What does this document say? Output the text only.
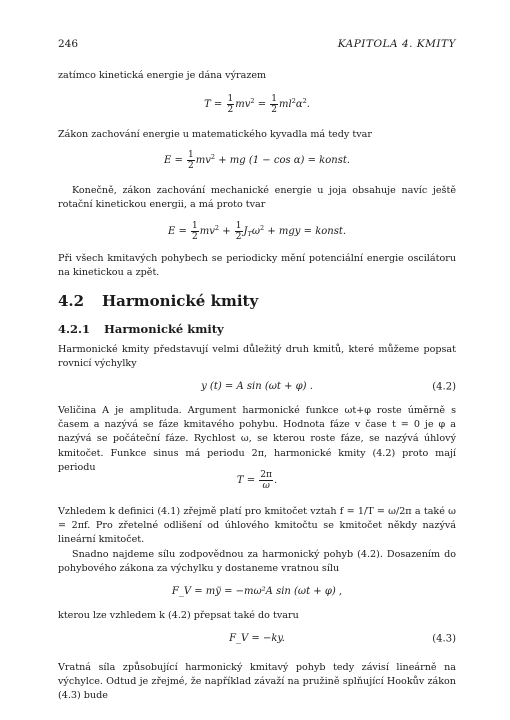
246	KAPITOLA 4. KMITY

zatímco kinetická energie je dána výrazem

$T = \frac{1}{2} mv^2 = \frac{1}{2} ml^2\alpha^2$.

Zákon zachování energie u matematického kyvadla má tedy tvar

$E = \frac{1}{2} mv^2$ + mg (1 − cos α) = konst.

Konečně, zákon zachování mechanické energie u joja obsahuje navíc ještě rotační kinetickou energii, a má proto tvar

$E = \frac{1}{2} mv^2 + \frac{1}{2} J_T\omega^2$ + mgy = konst.

Při všech kmitavých pohybech se periodicky mění potenciální energie oscilátoru na kinetickou a zpět.

4.2 Harmonické kmity
4.2.1 Harmonické kmity

Harmonické kmity představují velmi důležitý druh kmitů, které můžeme popsat rovnicí výchylky

y (t) = A sin (ωt + φ) .	(4.2)

Veličina A je amplituda. Argument harmonické funkce ωt+φ roste úměrně s časem a nazývá se fáze kmitavého pohybu. Hodnota fáze v čase t = 0 je φ a nazývá se počáteční fáze. Rychlost ω, se kterou roste fáze, se nazývá úhlový kmitočet. Funkce sinus má periodu 2π, harmonické kmity (4.2) proto mají periodu

$T = \frac{2\pi}{\omega}$ .

Vzhledem k definici (4.1) zřejmě platí pro kmitočet vztah f = 1/T = ω/2π a také ω = 2πf. Pro zřetelné odlišení od úhlového kmitočtu se kmitočet někdy nazývá lineární kmitočet.

Snadno najdeme sílu zodpovědnou za harmonický pohyb (4.2). Dosazením do pohybového zákona za výchylku y dostaneme vratnou sílu

F_V = mÿ = −mω²A sin (ωt + φ) ,

kterou lze vzhledem k (4.2) přepsat také do tvaru

F_V = −ky.	(4.3)

Vratná síla způsobující harmonický kmitavý pohyb tedy závisí lineárně na výchylce. Odtud je zřejmé, že například závaží na pružině splňující Hookův zákon (4.3) bude
